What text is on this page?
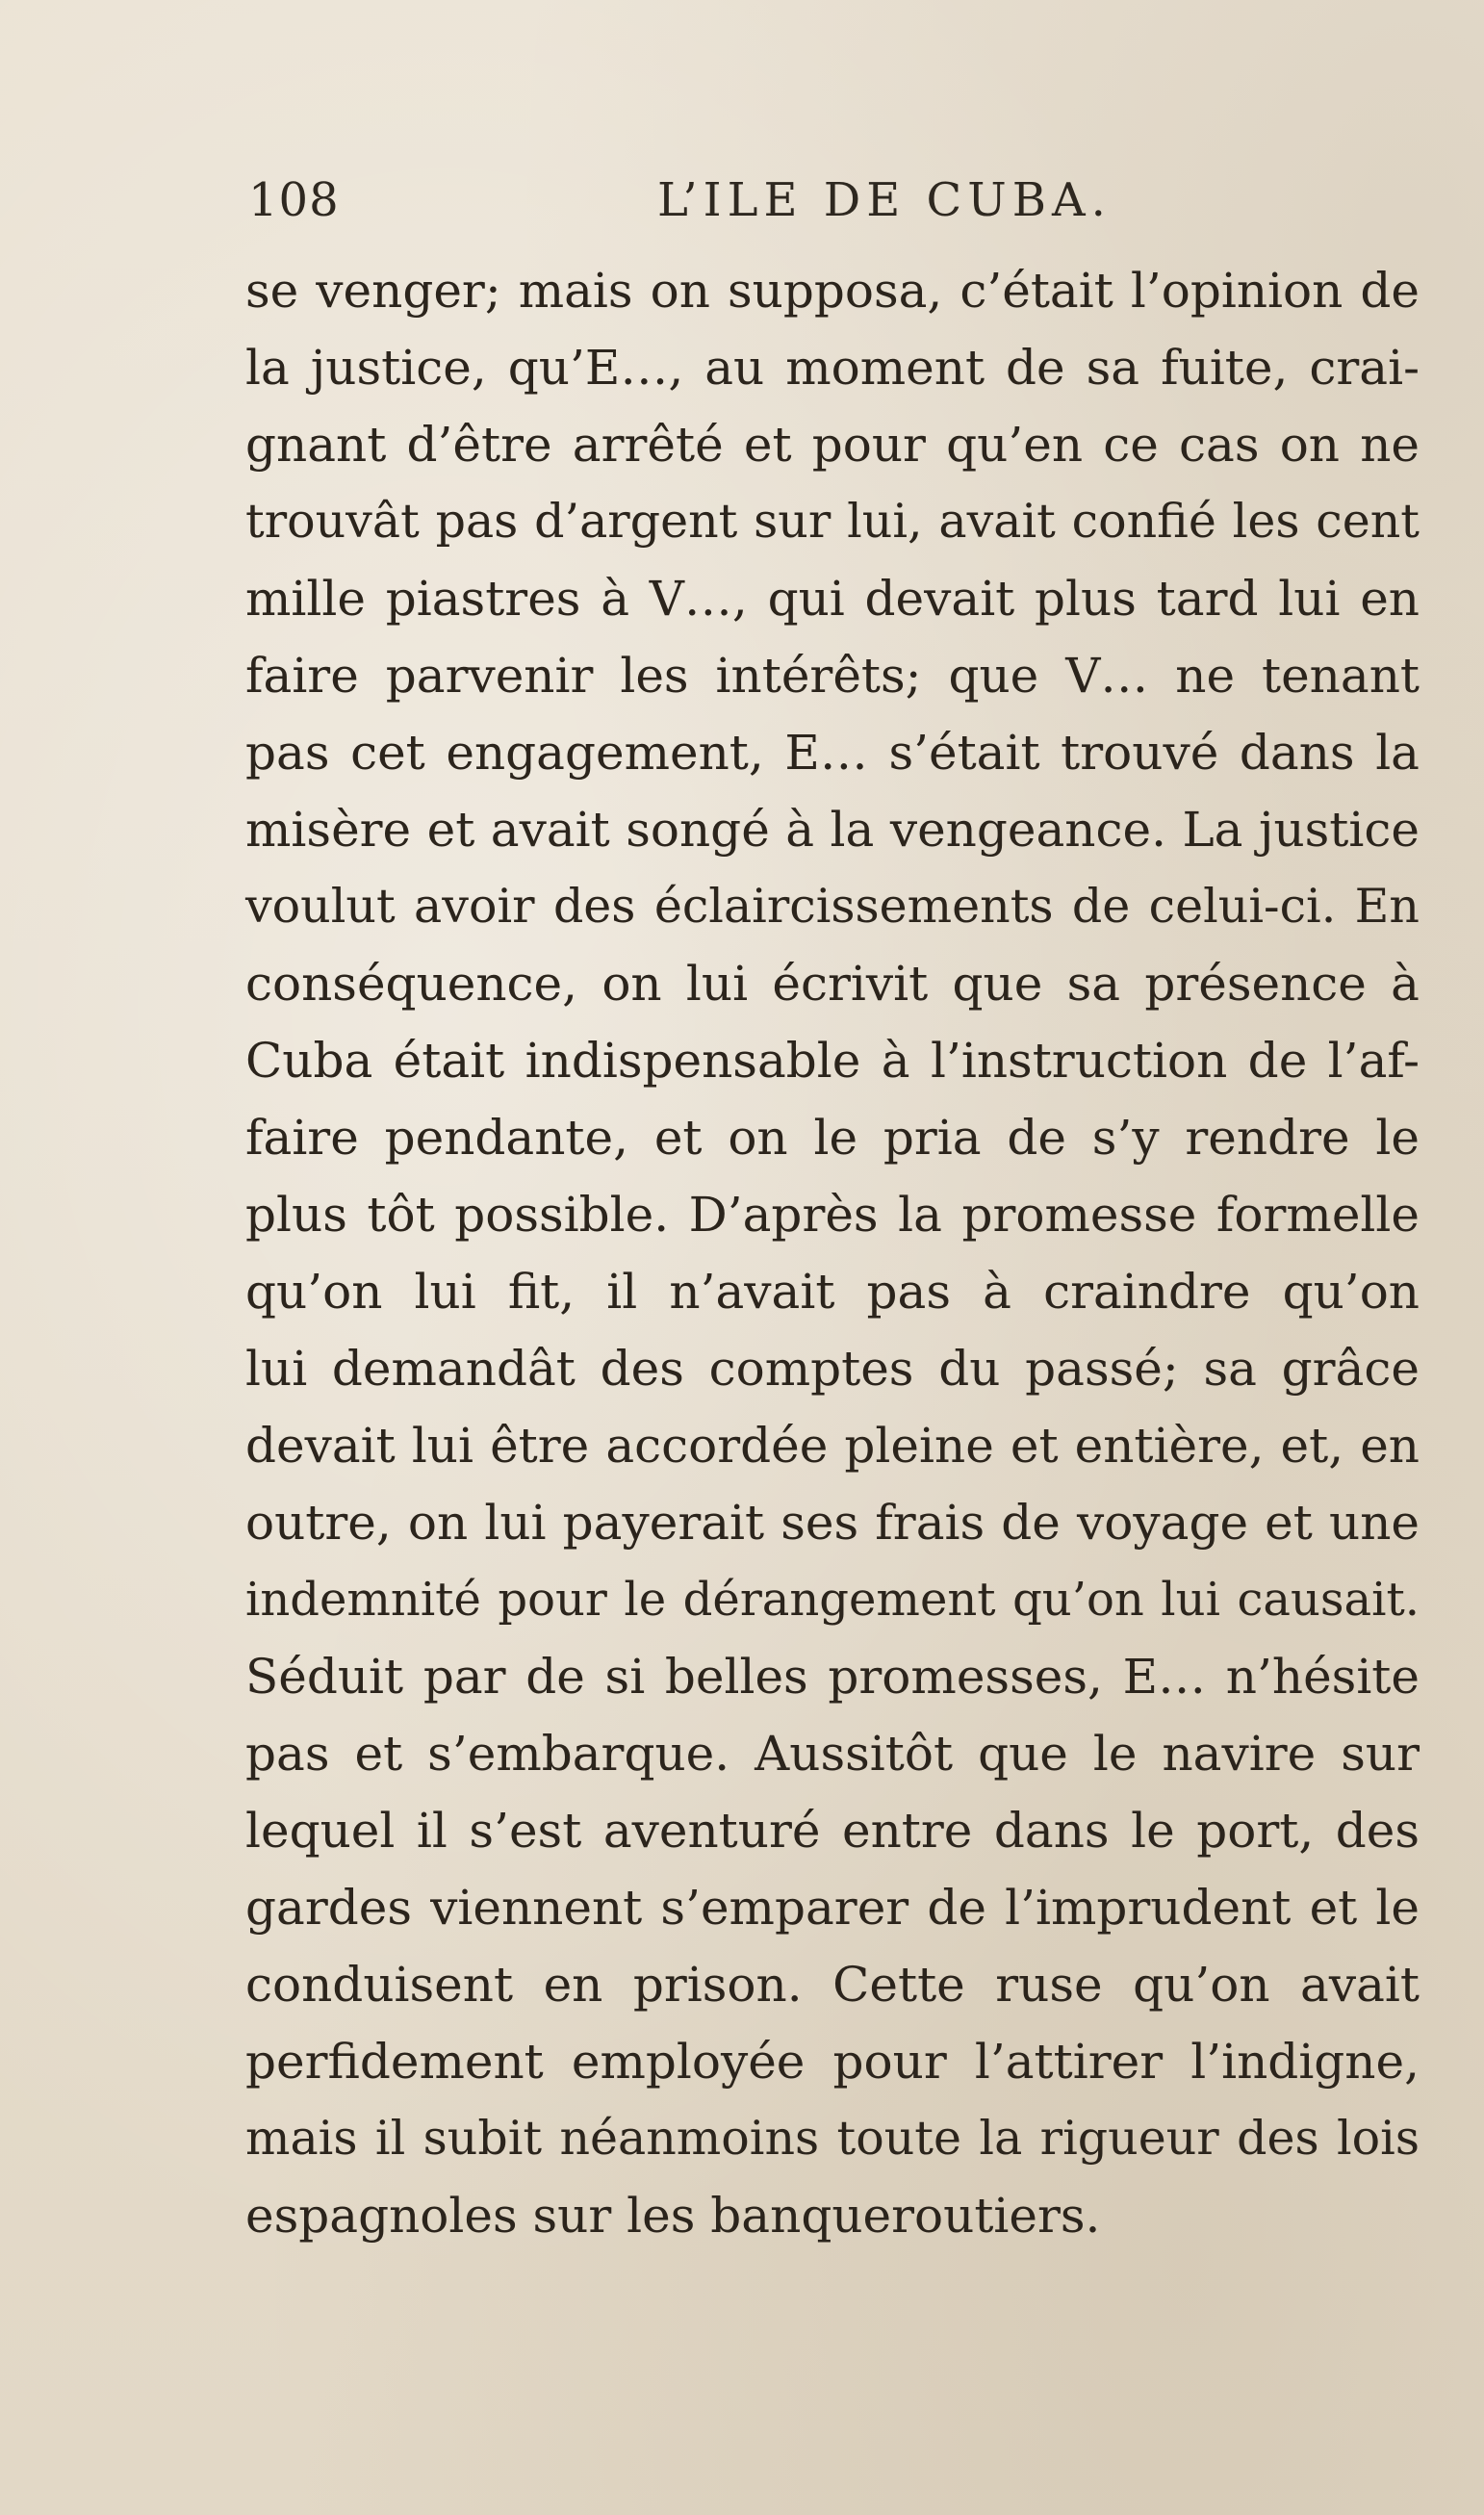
108	L’ILE DE CUBA.
se venger; mais on supposa, c’était l’opinion de
la justice, qu’E…, au moment de sa fuite, crai-
gnant d’être arrêté et pour qu’en ce cas on ne
trouvât pas d’argent sur lui, avait confié les cent
mille piastres à V…, qui devait plus tard lui en
faire parvenir les intérêts; que V… ne tenant
pas cet engagement, E… s’était trouvé dans la
misère et avait songé à la vengeance. La justice
voulut avoir des éclaircissements de celui-ci. En
conséquence, on lui écrivit que sa présence à
Cuba était indispensable à l’instruction de l’af-
faire pendante, et on le pria de s’y rendre le
plus tôt possible. D’après la promesse formelle
qu’on lui fit, il n’avait pas à craindre qu’on
lui demandât des comptes du passé; sa grâce
devait lui être accordée pleine et entière, et, en
outre, on lui payerait ses frais de voyage et une
indemnité pour le dérangement qu’on lui causait.
Séduit par de si belles promesses, E… n’hésite
pas et s’embarque. Aussitôt que le navire sur
lequel il s’est aventuré entre dans le port, des
gardes viennent s’emparer de l’imprudent et le
conduisent en prison. Cette ruse qu’on avait
perfidement employée pour l’attirer l’indigne,
mais il subit néanmoins toute la rigueur des lois
espagnoles sur les banqueroutiers.
